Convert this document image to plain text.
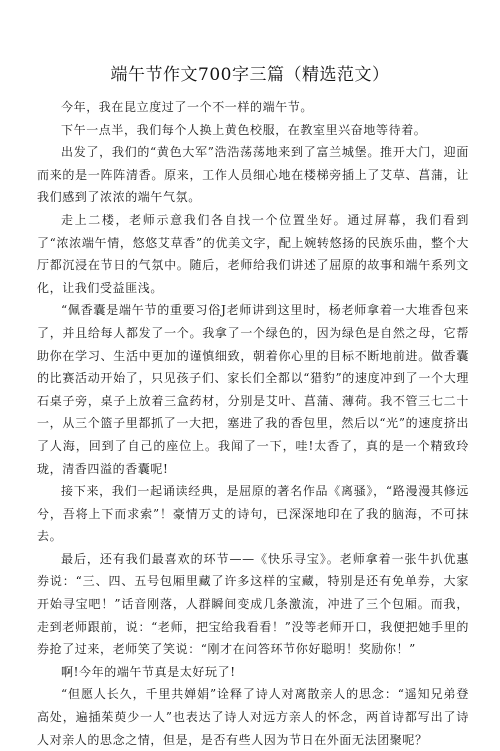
端午节作文700字三篇（精选范文）

今年，我在昆立度过了一个不一样的端午节。

下午一点半，我们每个人换上黄色校服，在教室里兴奋地等待着。

出发了，我们的“黄色大军”浩浩荡荡地来到了富兰城堡。推开大门，迎面而来的是一阵阵清香。原来，工作人员细心地在楼梯旁插上了艾草、菖蒲，让我们感到了浓浓的端午气氛。

走上二楼，老师示意我们各自找一个位置坐好。通过屏幕，我们看到了“浓浓端午情，悠悠艾草香”的优美文字，配上婉转悠扬的民族乐曲，整个大厅都沉浸在节日的气氛中。随后，老师给我们讲述了屈原的故事和端午系列文化，让我们受益匪浅。

“佩香囊是端午节的重要习俗J老师讲到这里时，杨老师拿着一大堆香包来了，并且给每人都发了一个。我拿了一个绿色的，因为绿色是自然之母，它帮助你在学习、生活中更加的谨慎细致，朝着你心里的目标不断地前进。做香囊的比赛活动开始了，只见孩子们、家长们全都以“猎豹”的速度冲到了一个大理石桌子旁，桌子上放着三盒药材，分别是艾叶、菖蒲、薄荷。我不管三七二十一，从三个篮子里都抓了一大把，塞进了我的香包里，然后以“光”的速度挤出了人海，回到了自己的座位上。我闻了一下，哇!太香了，真的是一个精致玲珑，清香四溢的香囊呢!

接下来，我们一起诵读经典，是屈原的著名作品《离骚》，“路漫漫其修远兮，吾将上下而求索”！豪情万丈的诗句，已深深地印在了我的脑海，不可抹去。

最后，还有我们最喜欢的环节——《快乐寻宝》。老师拿着一张牛扒优惠券说：“三、四、五号包厢里藏了许多这样的宝藏，特别是还有免单券，大家开始寻宝吧！”话音刚落，人群瞬间变成几条激流，冲进了三个包厢。而我，走到老师跟前，说：“老师，把宝给我看看！”没等老师开口，我便把她手里的券抢了过来，老师笑了笑说：“刚才在问答环节你好聪明！奖励你！”

啊!今年的端午节真是太好玩了!

“但愿人长久，千里共婵娟”诠释了诗人对离散亲人的思念：“遥知兄弟登高处，遍插茱萸少一人”也表达了诗人对远方亲人的怀念，两首诗都写出了诗人对亲人的思念之情，但是，是否有些人因为节日在外面无法团聚呢？
